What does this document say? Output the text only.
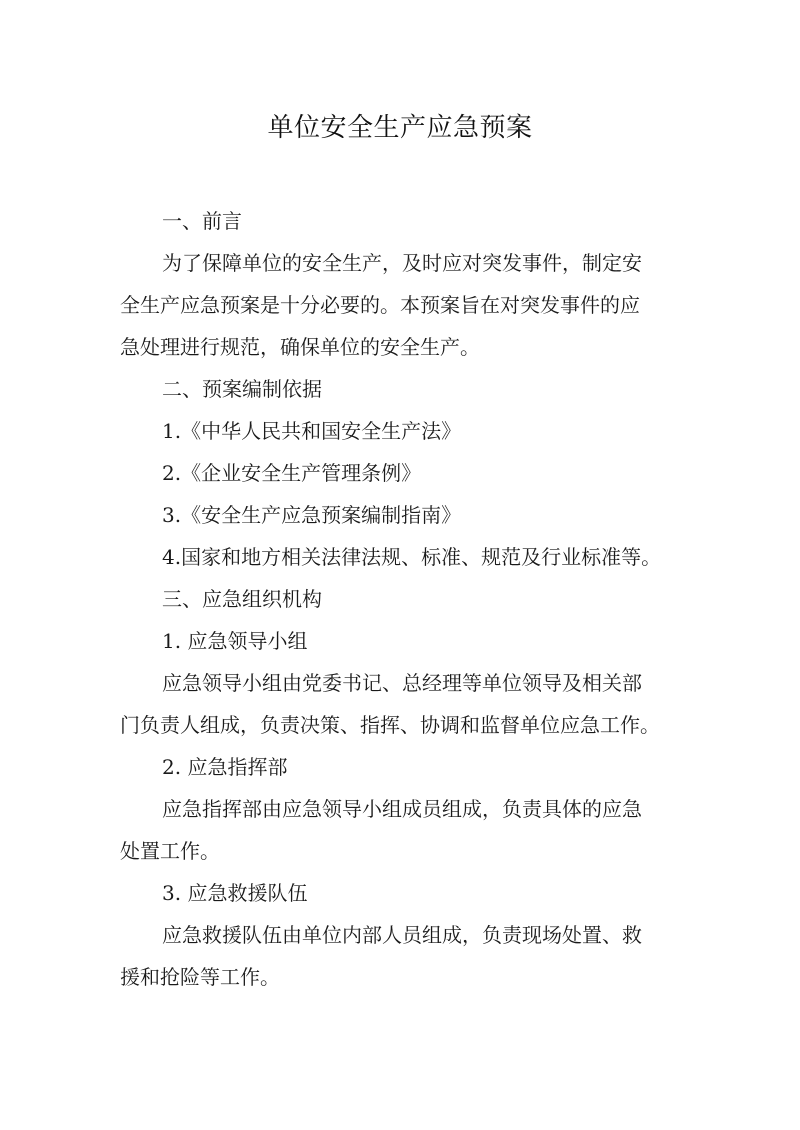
单位安全生产应急预案
一、前言
为了保障单位的安全生产，及时应对突发事件，制定安
全生产应急预案是十分必要的。本预案旨在对突发事件的应
急处理进行规范，确保单位的安全生产。
二、预案编制依据
1.《中华人民共和国安全生产法》
2.《企业安全生产管理条例》
3.《安全生产应急预案编制指南》
4.国家和地方相关法律法规、标准、规范及行业标准等。
三、应急组织机构
1. 应急领导小组
应急领导小组由党委书记、总经理等单位领导及相关部
门负责人组成，负责决策、指挥、协调和监督单位应急工作。
2. 应急指挥部
应急指挥部由应急领导小组成员组成，负责具体的应急
处置工作。
3. 应急救援队伍
应急救援队伍由单位内部人员组成，负责现场处置、救
援和抢险等工作。
